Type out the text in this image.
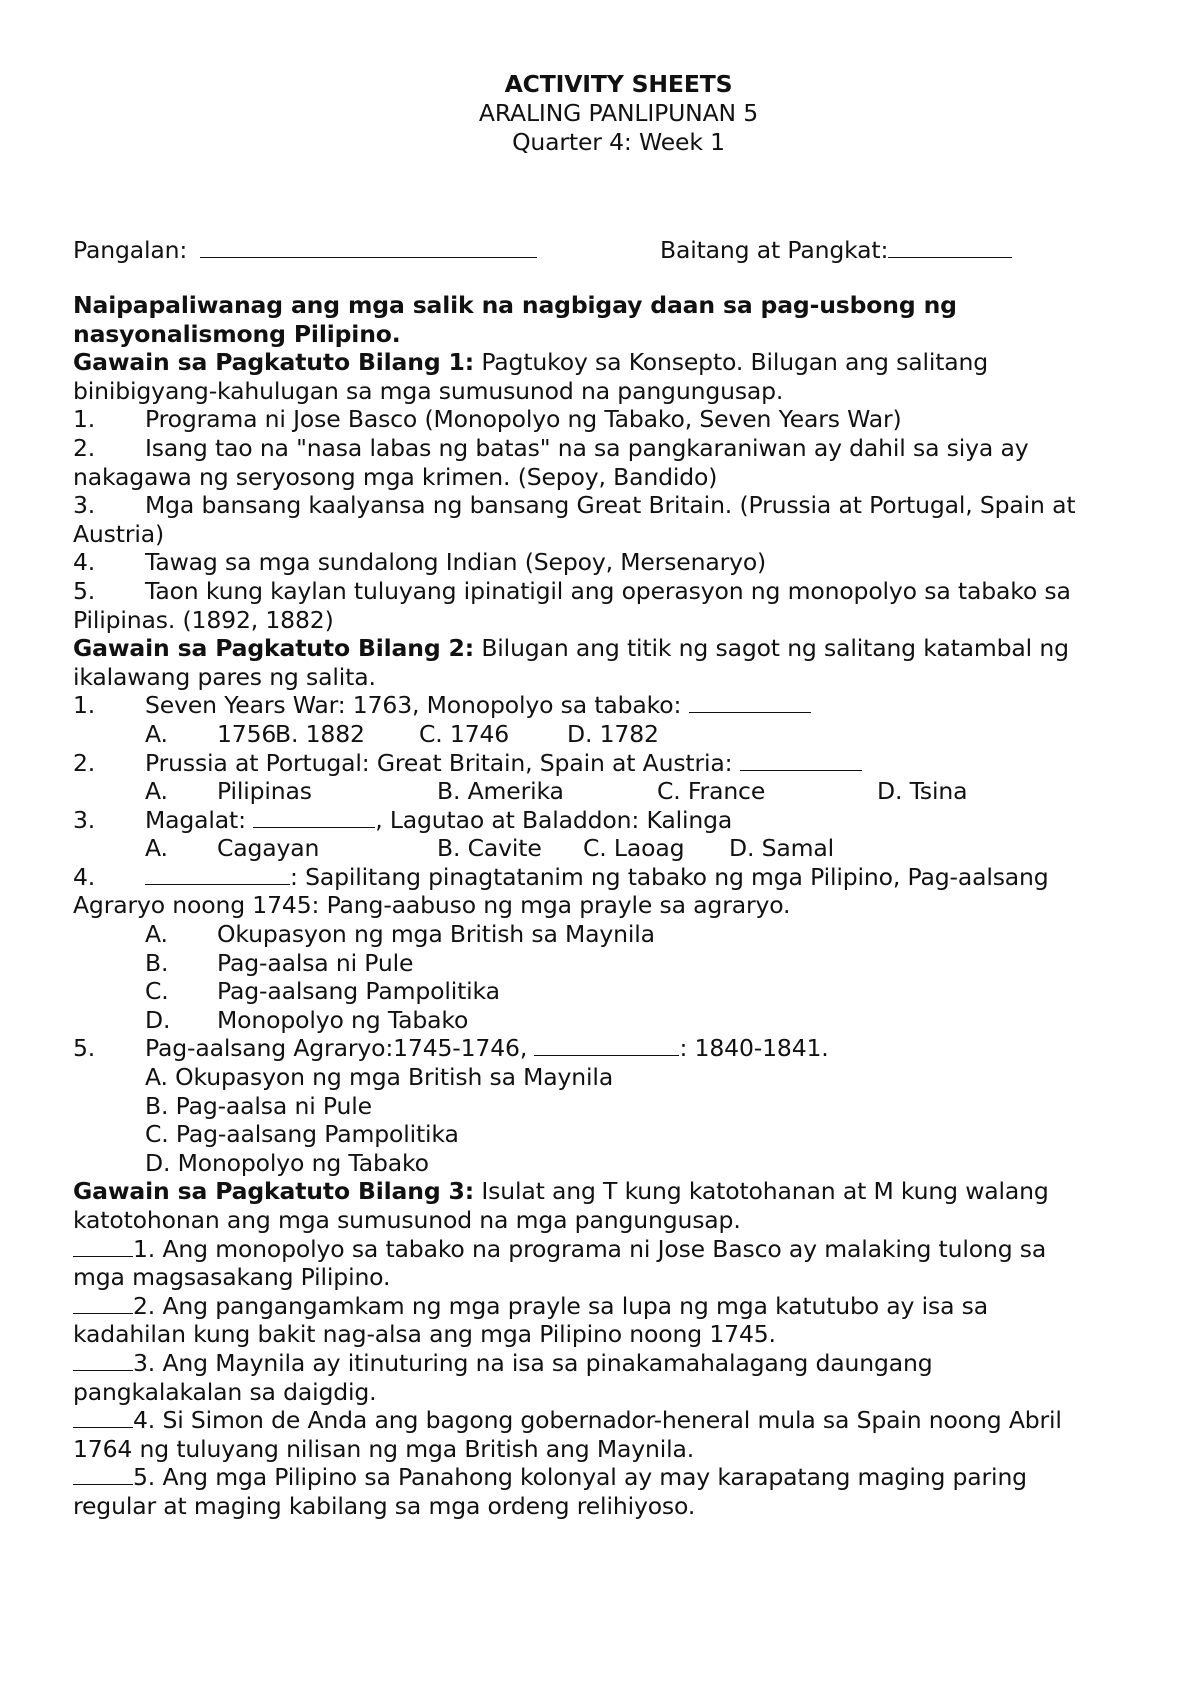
ACTIVITY SHEETS
ARALING PANLIPUNAN 5
Quarter 4: Week 1
Pangalan:	Baitang at Pangkat:
Naipapaliwanag ang mga salik na nagbigay daan sa pag-usbong ng
nasyonalismong Pilipino.
Gawain sa Pagkatuto Bilang 1: Pagtukoy sa Konsepto. Bilugan ang salitang
binibigyang-kahulugan sa mga sumusunod na pangungusap.
1. Programa ni Jose Basco (Monopolyo ng Tabako, Seven Years War)
2. Isang tao na "nasa labas ng batas" na sa pangkaraniwan ay dahil sa siya ay
nakagawa ng seryosong mga krimen. (Sepoy, Bandido)
3. Mga bansang kaalyansa ng bansang Great Britain. (Prussia at Portugal, Spain at
Austria)
4. Tawag sa mga sundalong Indian (Sepoy, Mersenaryo)
5. Taon kung kaylan tuluyang ipinatigil ang operasyon ng monopolyo sa tabako sa
Pilipinas. (1892, 1882)
Gawain sa Pagkatuto Bilang 2: Bilugan ang titik ng sagot ng salitang katambal ng
ikalawang pares ng salita.
1. Seven Years War: 1763, Monopolyo sa tabako:
A. 1756B. 1882 C. 1746 D. 1782
2. Prussia at Portugal: Great Britain, Spain at Austria:
A. Pilipinas	B. Amerika	C. France	D. Tsina
3. Magalat:	, Lagutao at Baladdon: Kalinga
A. Cagayan	B. Cavite C. Laoag D. Samal
4.	: Sapilitang pinagtatanim ng tabako ng mga Pilipino, Pag-aalsang
Agraryo noong 1745: Pang-aabuso ng mga prayle sa agraryo.
A. Okupasyon ng mga British sa Maynila
B. Pag-aalsa ni Pule
C. Pag-aalsang Pampolitika
D. Monopolyo ng Tabako
5. Pag-aalsang Agraryo:1745-1746,	: 1840-1841.
A. Okupasyon ng mga British sa Maynila
B. Pag-aalsa ni Pule
C. Pag-aalsang Pampolitika
D. Monopolyo ng Tabako
Gawain sa Pagkatuto Bilang 3: Isulat ang T kung katotohanan at M kung walang
katotohonan ang mga sumusunod na mga pangungusap.
1. Ang monopolyo sa tabako na programa ni Jose Basco ay malaking tulong sa
mga magsasakang Pilipino.
2. Ang pangangamkam ng mga prayle sa lupa ng mga katutubo ay isa sa
kadahilan kung bakit nag-alsa ang mga Pilipino noong 1745.
3. Ang Maynila ay itinuturing na isa sa pinakamahalagang daungang
pangkalakalan sa daigdig.
4. Si Simon de Anda ang bagong gobernador-heneral mula sa Spain noong Abril
1764 ng tuluyang nilisan ng mga British ang Maynila.
5. Ang mga Pilipino sa Panahong kolonyal ay may karapatang maging paring
regular at maging kabilang sa mga ordeng relihiyoso.
